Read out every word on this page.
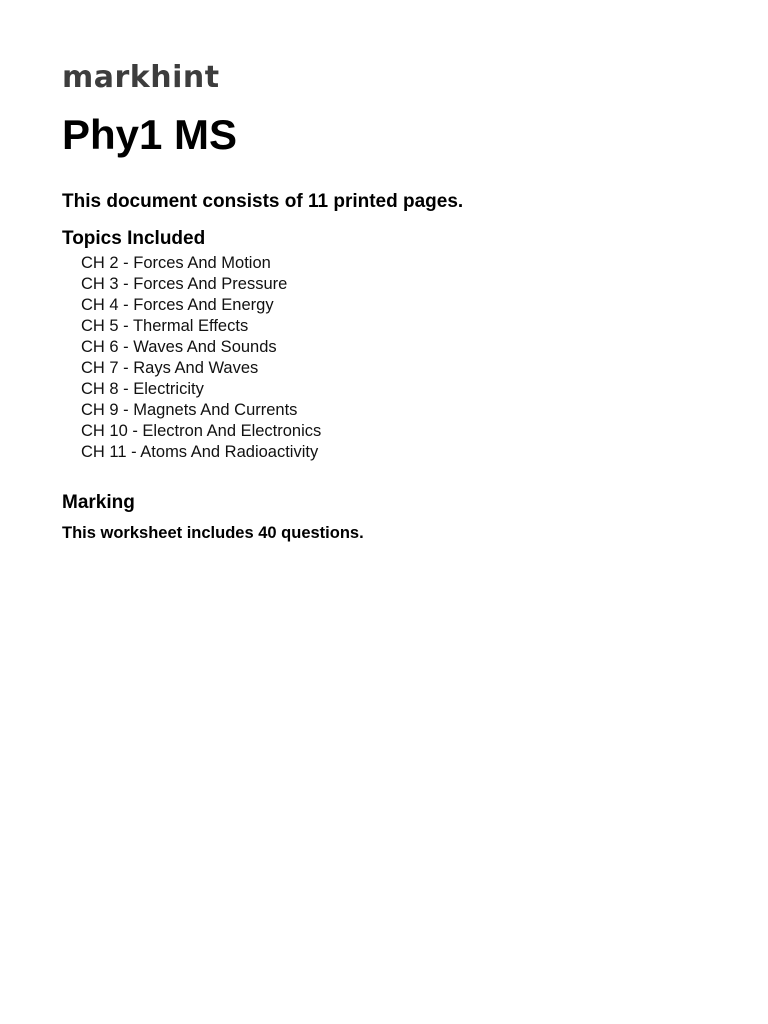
markhint
Phy1 MS

This document consists of 11 printed pages.

Topics Included
CH 2 - Forces And Motion
CH 3 - Forces And Pressure
CH 4 - Forces And Energy
CH 5 - Thermal Effects
CH 6 - Waves And Sounds
CH 7 - Rays And Waves
CH 8 - Electricity
CH 9 - Magnets And Currents
CH 10 - Electron And Electronics
CH 11 - Atoms And Radioactivity
Marking

This worksheet includes 40 questions.
